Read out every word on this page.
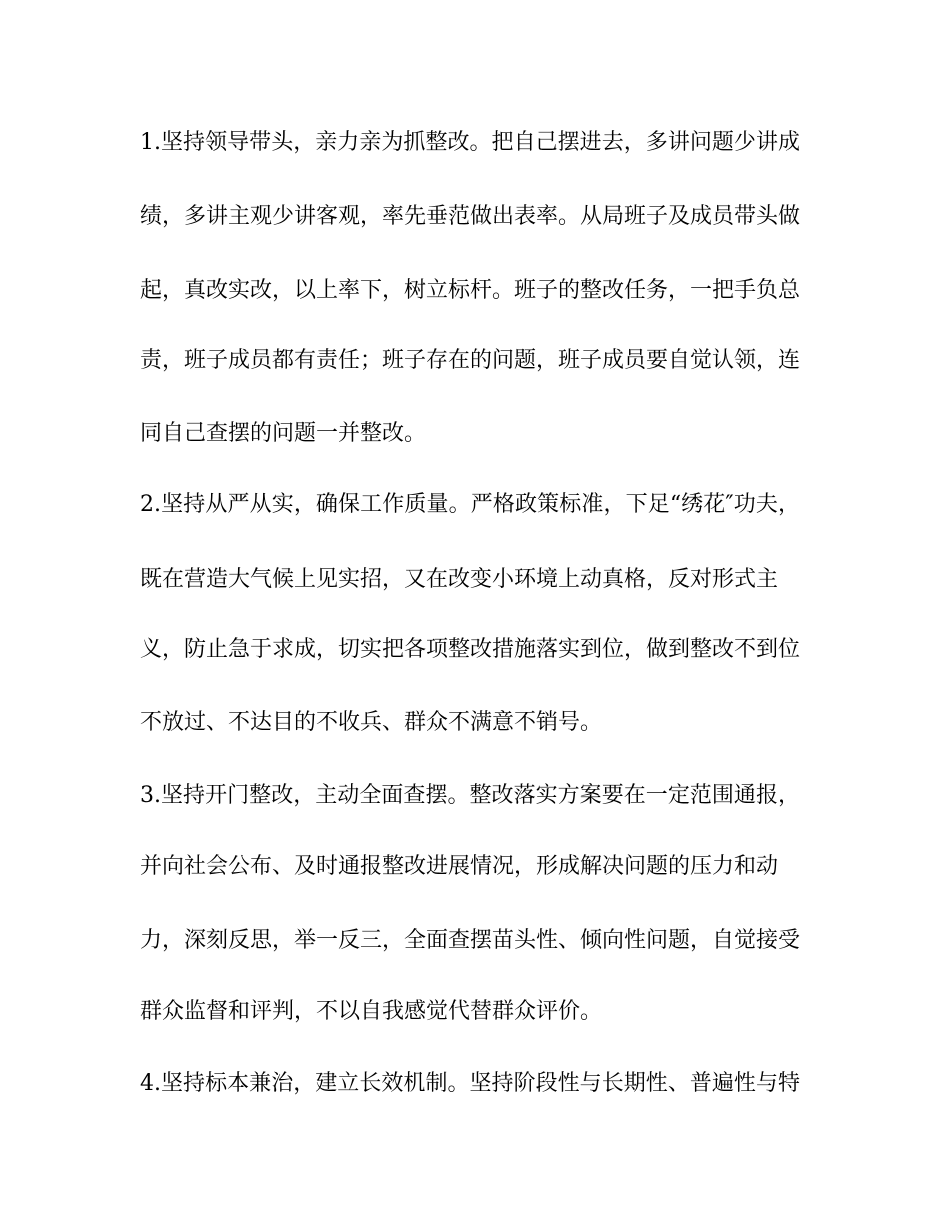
1.坚持领导带头，亲力亲为抓整改。把自己摆进去，多讲问题少讲成
绩，多讲主观少讲客观，率先垂范做出表率。从局班子及成员带头做
起，真改实改，以上率下，树立标杆。班子的整改任务，一把手负总
责，班子成员都有责任；班子存在的问题，班子成员要自觉认领，连
同自己查摆的问题一并整改。
2.坚持从严从实，确保工作质量。严格政策标准，下足“绣花″功夫，
既在营造大气候上见实招，又在改变小环境上动真格，反对形式主
义，防止急于求成，切实把各项整改措施落实到位，做到整改不到位
不放过、不达目的不收兵、群众不满意不销号。
3.坚持开门整改，主动全面查摆。整改落实方案要在一定范围通报，
并向社会公布、及时通报整改进展情况，形成解决问题的压力和动
力，深刻反思，举一反三，全面查摆苗头性、倾向性问题，自觉接受
群众监督和评判，不以自我感觉代替群众评价。
4.坚持标本兼治，建立长效机制。坚持阶段性与长期性、普遍性与特
